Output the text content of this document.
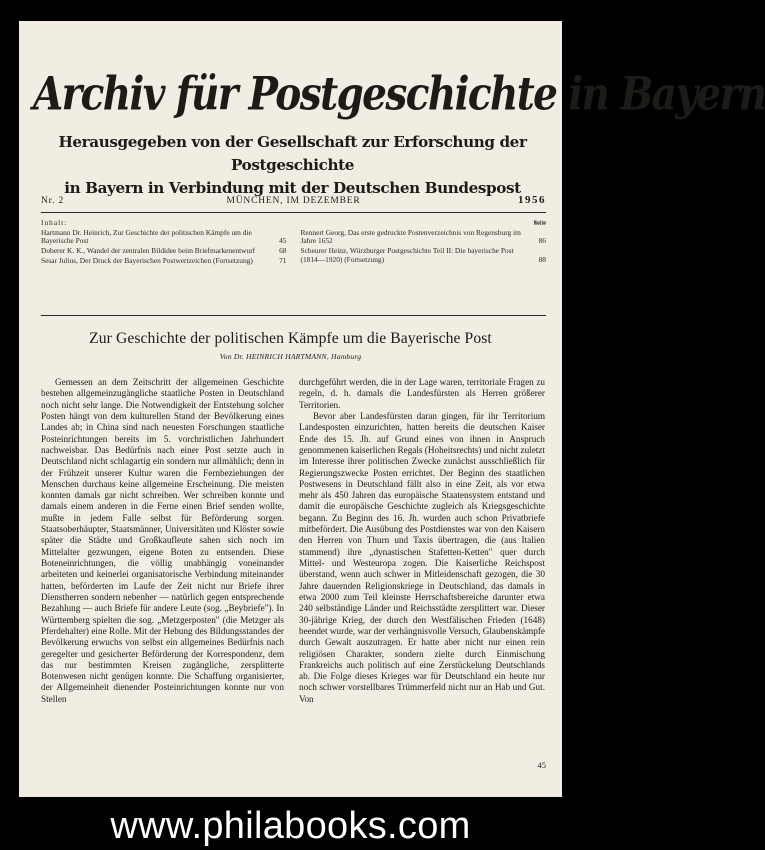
Archiv für Postgeschichte in Bayern
Herausgegeben von der Gesellschaft zur Erforschung der Postgeschichte
in Bayern in Verbindung mit der Deutschen Bundespost
Nr. 2	MÜNCHEN, IM DEZEMBER	1956
Inhalt:	Seite
Hartmann Dr. Heinrich, Zur Geschichte der politischen Kämpfe um die Bayerische Post	45
Doberer K. K., Wandel der zentralen Bildidee beim Briefmarkenentwurf	68
Sesar Julius, Der Druck der Bayerischen Postwertzeichen (Fortsetzung)	71
Seite Rennert Georg, Das erste gedruckte Postenverzeichnis von Regensburg im Jahre 1652	86
Scheurer Heinz, Würzburger Postgeschichte Teil II: Die bayerische Post (1814—1920) (Fortsetzung)	88
Zur Geschichte der politischen Kämpfe um die Bayerische Post
Von Dr. HEINRICH HARTMANN, Hamburg

Gemessen an dem Zeitschritt der allgemeinen Geschichte bestehen allgemeinzugängliche staatliche Posten in Deutschland noch nicht sehr lange. Die Notwendigkeit der Entstehung solcher Posten hängt von dem kulturellen Stand der Bevölkerung eines Landes ab; in China sind nach neuesten Forschungen staatliche Posteinrichtungen bereits im 5. vorchristlichen Jahrhundert nachweisbar. Das Bedürfnis nach einer Post setzte auch in Deutschland nicht schlagartig ein sondern nur allmählich; denn in der Frühzeit unserer Kultur waren die Fernbeziehungen der Menschen durchaus keine allgemeine Erscheinung. Die meisten konnten damals gar nicht schreiben. Wer schreiben konnte und damals einem anderen in die Ferne einen Brief senden wollte, mußte in jedem Falle selbst für Beförderung sorgen. Staatsoberhäupter, Staatsmänner, Universitäten und Klöster sowie später die Städte und Großkaufleute sahen sich noch im Mittelalter gezwungen, eigene Boten zu entsenden. Diese Boteneinrichtungen, die völlig unabhängig voneinander arbeiteten und keinerlei organisatorische Verbindung miteinander hatten, beförderten im Laufe der Zeit nicht nur Briefe ihrer Dienstherren sondern nebenher — natürlich gegen entsprechende Bezahlung — auch Briefe für andere Leute (sog. „Beybriefe"). In Württemberg spielten die sog. „Metzgerposten" (die Metzger als Pferdehalter) eine Rolle. Mit der Hebung des Bildungsstandes der Bevölkerung erwuchs von selbst ein allgemeines Bedürfnis nach geregelter und gesicherter Beförderung der Korrespondenz, dem das nur bestimmten Kreisen zugängliche, zersplitterte Botenwesen nicht genügen konnte. Die Schaffung organisierter, der Allgemeinheit dienender Posteinrichtungen konnte nur von Stellen

durchgeführt werden, die in der Lage waren, territoriale Fragen zu regeln, d. h. damals die Landesfürsten als Herren größerer Territorien.

Bevor aber Landesfürsten daran gingen, für ihr Territorium Landesposten einzurichten, hatten bereits die deutschen Kaiser Ende des 15. Jh. auf Grund eines von ihnen in Anspruch genommenen kaiserlichen Regals (Hoheitsrechts) und nicht zuletzt im Interesse ihrer politischen Zwecke zunächst ausschließlich für Regierungszwecke Posten errichtet. Der Beginn des staatlichen Postwesens in Deutschland fällt also in eine Zeit, als vor etwa mehr als 450 Jahren das europäische Staatensystem entstand und damit die europäische Geschichte zugleich als Kriegsgeschichte begann. Zu Beginn des 16. Jh. wurden auch schon Privatbriefe mitbefördert. Die Ausübung des Postdienstes war von den Kaisern den Herren von Thurn und Taxis übertragen, die (aus Italien stammend) ihre „dynastischen Stafetten-Ketten" quer durch Mittel- und Westeuropa zogen. Die Kaiserliche Reichspost überstand, wenn auch schwer in Mitleidenschaft gezogen, die 30 Jahre dauernden Religionskriege in Deutschland, das damals in etwa 2000 zum Teil kleinste Herrschaftsbereiche darunter etwa 240 selbständige Länder und Reichsstädte zersplittert war. Dieser 30-jährige Krieg, der durch den Westfälischen Frieden (1648) beendet wurde, war der verhängnisvolle Versuch, Glaubenskämpfe durch Gewalt auszutragen. Er hatte aber nicht nur einen rein religiösen Charakter, sondern zielte durch Einmischung Frankreichs auch politisch auf eine Zerstückelung Deutschlands ab. Die Folge dieses Krieges war für Deutschland ein heute nur noch schwer vorstellbares Trümmerfeld nicht nur an Hab und Gut. Von

45
www.philabooks.com
